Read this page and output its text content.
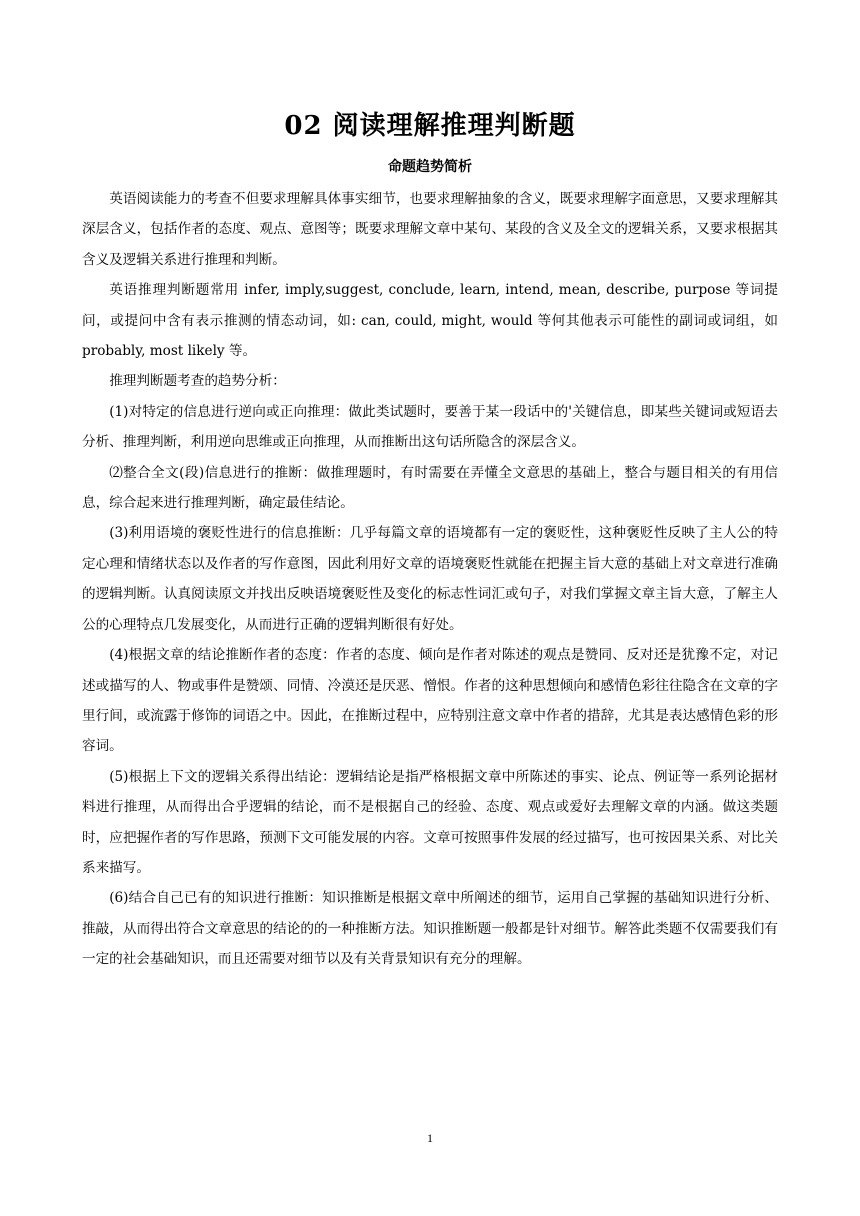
02 阅读理解推理判断题
命题趋势简析

英语阅读能力的考查不但要求理解具体事实细节，也要求理解抽象的含义，既要求理解字面意思，又要求理解其深层含义，包括作者的态度、观点、意图等；既要求理解文章中某句、某段的含义及全文的逻辑关系，又要求根据其含义及逻辑关系进行推理和判断。

英语推理判断题常用 infer, imply,suggest, conclude, learn, intend, mean, describe, purpose 等词提问，或提问中含有表示推测的情态动词，如: can, could, might, would 等何其他表示可能性的副词或词组，如 probably, most likely 等。

推理判断题考查的趋势分析：

(1)对特定的信息进行逆向或正向推理：做此类试题时，要善于某一段话中的'关键信息，即某些关键词或短语去分析、推理判断，利用逆向思维或正向推理，从而推断出这句话所隐含的深层含义。

⑵整合全文(段)信息进行的推断：做推理题时，有时需要在弄懂全文意思的基础上，整合与题目相关的有用信息，综合起来进行推理判断，确定最佳结论。

(3)利用语境的褒贬性进行的信息推断：几乎每篇文章的语境都有一定的褒贬性，这种褒贬性反映了主人公的特定心理和情绪状态以及作者的写作意图，因此利用好文章的语境褒贬性就能在把握主旨大意的基础上对文章进行准确的逻辑判断。认真阅读原文并找出反映语境褒贬性及变化的标志性词汇或句子，对我们掌握文章主旨大意，了解主人公的心理特点几发展变化，从而进行正确的逻辑判断很有好处。

(4)根据文章的结论推断作者的态度：作者的态度、倾向是作者对陈述的观点是赞同、反对还是犹豫不定，对记述或描写的人、物或事件是赞颂、同情、冷漠还是厌恶、憎恨。作者的这种思想倾向和感情色彩往往隐含在文章的字里行间，或流露于修饰的词语之中。因此，在推断过程中，应特别注意文章中作者的措辞，尤其是表达感情色彩的形容词。

(5)根据上下文的逻辑关系得出结论：逻辑结论是指严格根据文章中所陈述的事实、论点、例证等一系列论据材料进行推理，从而得出合乎逻辑的结论，而不是根据自己的经验、态度、观点或爱好去理解文章的内涵。做这类题时，应把握作者的写作思路，预测下文可能发展的内容。文章可按照事件发展的经过描写，也可按因果关系、对比关系来描写。

(6)结合自己已有的知识进行推断：知识推断是根据文章中所阐述的细节，运用自己掌握的基础知识进行分析、推敲，从而得出符合文章意思的结论的的一种推断方法。知识推断题一般都是针对细节。解答此类题不仅需要我们有一定的社会基础知识，而且还需要对细节以及有关背景知识有充分的理解。

1
